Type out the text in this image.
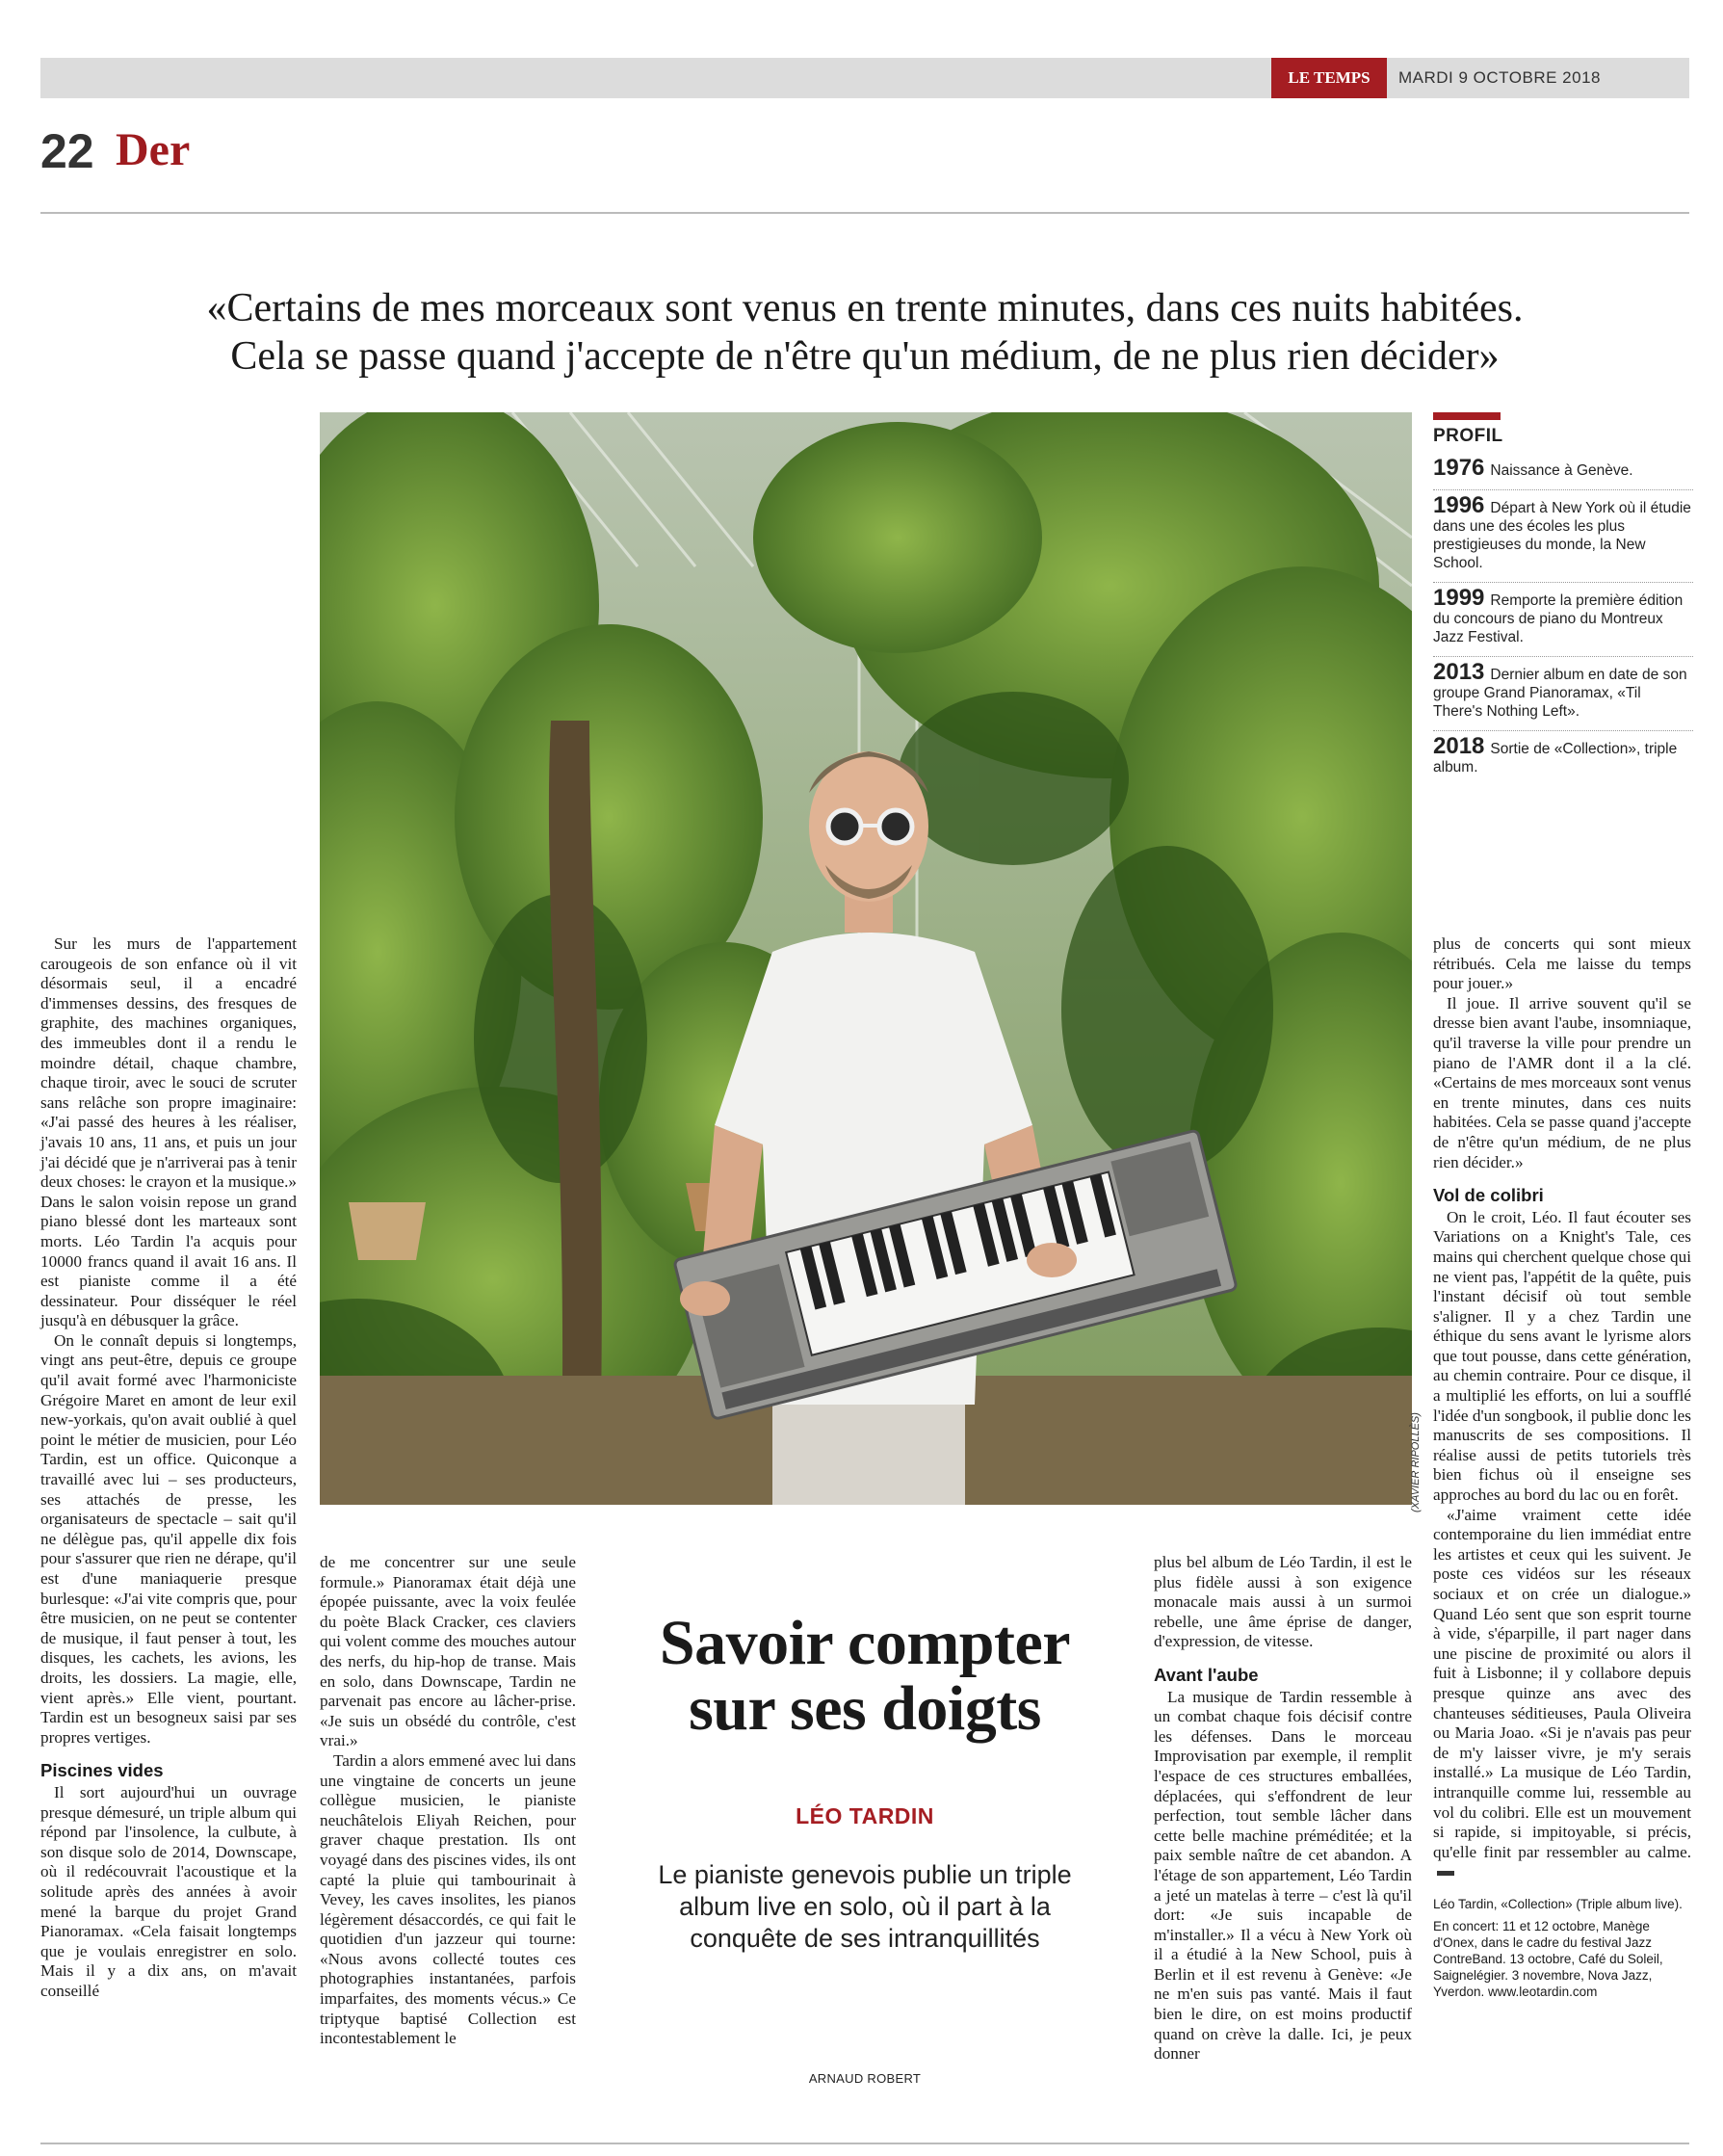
LE TEMPS	MARDI 9 OCTOBRE 2018
22 Der
«Certains de mes morceaux sont venus en trente minutes, dans ces nuits habitées.
Cela se passe quand j'accepte de n'être qu'un médium, de ne plus rien décider»
(XAVIER RIPOLLÈS)
PROFIL
1976 Naissance à Genève.
1996 Départ à New York où il étudie dans une des écoles les plus prestigieuses du monde, la New School.
1999 Remporte la première édition du concours de piano du Montreux Jazz Festival.
2013 Dernier album en date de son groupe Grand Pianoramax, «Til There's Nothing Left».
2018 Sortie de «Collection», triple album.

Sur les murs de l'appartement carougeois de son enfance où il vit désormais seul, il a encadré d'immenses dessins, des fresques de graphite, des machines organiques, des immeubles dont il a rendu le moindre détail, chaque chambre, chaque tiroir, avec le souci de scruter sans relâche son propre imaginaire: «J'ai passé des heures à les réaliser, j'avais 10 ans, 11 ans, et puis un jour j'ai décidé que je n'arriverai pas à tenir deux choses: le crayon et la musique.» Dans le salon voisin repose un grand piano blessé dont les marteaux sont morts. Léo Tardin l'a acquis pour 10000 francs quand il avait 16 ans. Il est pianiste comme il a été dessinateur. Pour disséquer le réel jusqu'à en débusquer la grâce.

On le connaît depuis si longtemps, vingt ans peut-être, depuis ce groupe qu'il avait formé avec l'harmoniciste Grégoire Maret en amont de leur exil new-yorkais, qu'on avait oublié à quel point le métier de musicien, pour Léo Tardin, est un office. Quiconque a travaillé avec lui – ses producteurs, ses attachés de presse, les organisateurs de spectacle – sait qu'il ne délègue pas, qu'il appelle dix fois pour s'assurer que rien ne dérape, qu'il est d'une maniaquerie presque burlesque: «J'ai vite compris que, pour être musicien, on ne peut se contenter de musique, il faut penser à tout, les disques, les cachets, les avions, les droits, les dossiers. La magie, elle, vient après.» Elle vient, pourtant. Tardin est un besogneux saisi par ses propres vertiges.

Piscines vides

Il sort aujourd'hui un ouvrage presque démesuré, un triple album qui répond par l'insolence, la culbute, à son disque solo de 2014, Downscape, où il redécouvrait l'acoustique et la solitude après des années à avoir mené la barque du projet Grand Pianoramax. «Cela faisait longtemps que je voulais enregistrer en solo. Mais il y a dix ans, on m'avait conseillé

de me concentrer sur une seule formule.» Pianoramax était déjà une épopée puissante, avec la voix feulée du poète Black Cracker, ces claviers qui volent comme des mouches autour des nerfs, du hip-hop de transe. Mais en solo, dans Downscape, Tardin ne parvenait pas encore au lâcher-prise. «Je suis un obsédé du contrôle, c'est vrai.»

Tardin a alors emmené avec lui dans une vingtaine de concerts un jeune collègue musicien, le pianiste neuchâtelois Eliyah Reichen, pour graver chaque prestation. Ils ont voyagé dans des piscines vides, ils ont capté la pluie qui tambourinait à Vevey, les caves insolites, les pianos légèrement désaccordés, ce qui fait le quotidien d'un jazzeur qui tourne: «Nous avons collecté toutes ces photographies instantanées, parfois imparfaites, des moments vécus.» Ce triptyque baptisé Collection est incontestablement le

Savoir compter
sur ses doigts
LÉO TARDIN
Le pianiste genevois publie un triple album live en solo, où il part à la conquête de ses intranquillités
ARNAUD ROBERT

plus bel album de Léo Tardin, il est le plus fidèle aussi à son exigence monacale mais aussi à un surmoi rebelle, une âme éprise de danger, d'expression, de vitesse.

Avant l'aube

La musique de Tardin ressemble à un combat chaque fois décisif contre les défenses. Dans le morceau Improvisation par exemple, il remplit l'espace de ces structures emballées, déplacées, qui s'effondrent de leur perfection, tout semble lâcher dans cette belle machine préméditée; et la paix semble naître de cet abandon. A l'étage de son appartement, Léo Tardin a jeté un matelas à terre – c'est là qu'il dort: «Je suis incapable de m'installer.» Il a vécu à New York où il a étudié à la New School, puis à Berlin et il est revenu à Genève: «Je ne m'en suis pas vanté. Mais il faut bien le dire, on est moins productif quand on crève la dalle. Ici, je peux donner

plus de concerts qui sont mieux rétribués. Cela me laisse du temps pour jouer.»

Il joue. Il arrive souvent qu'il se dresse bien avant l'aube, insomniaque, qu'il traverse la ville pour prendre un piano de l'AMR dont il a la clé. «Certains de mes morceaux sont venus en trente minutes, dans ces nuits habitées. Cela se passe quand j'accepte de n'être qu'un médium, de ne plus rien décider.»

Vol de colibri

On le croit, Léo. Il faut écouter ses Variations on a Knight's Tale, ces mains qui cherchent quelque chose qui ne vient pas, l'appétit de la quête, puis l'instant décisif où tout semble s'aligner. Il y a chez Tardin une éthique du sens avant le lyrisme alors que tout pousse, dans cette génération, au chemin contraire. Pour ce disque, il a multiplié les efforts, on lui a soufflé l'idée d'un songbook, il publie donc les manuscrits de ses compositions. Il réalise aussi de petits tutoriels très bien fichus où il enseigne ses approches au bord du lac ou en forêt.

«J'aime vraiment cette idée contemporaine du lien immédiat entre les artistes et ceux qui les suivent. Je poste ces vidéos sur les réseaux sociaux et on crée un dialogue.» Quand Léo sent que son esprit tourne à vide, s'éparpille, il part nager dans une piscine de proximité ou alors il fuit à Lisbonne; il y collabore depuis presque quinze ans avec des chanteuses séditieuses, Paula Oliveira ou Maria Joao. «Si je n'avais pas peur de m'y laisser vivre, je m'y serais installé.» La musique de Léo Tardin, intranquille comme lui, ressemble au vol du colibri. Elle est un mouvement si rapide, si impitoyable, si précis, qu'elle finit par ressembler au calme.

Léo Tardin, «Collection» (Triple album live).

En concert: 11 et 12 octobre, Manège d'Onex, dans le cadre du festival Jazz ContreBand. 13 octobre, Café du Soleil, Saignelégier. 3 novembre, Nova Jazz, Yverdon. www.leotardin.com
